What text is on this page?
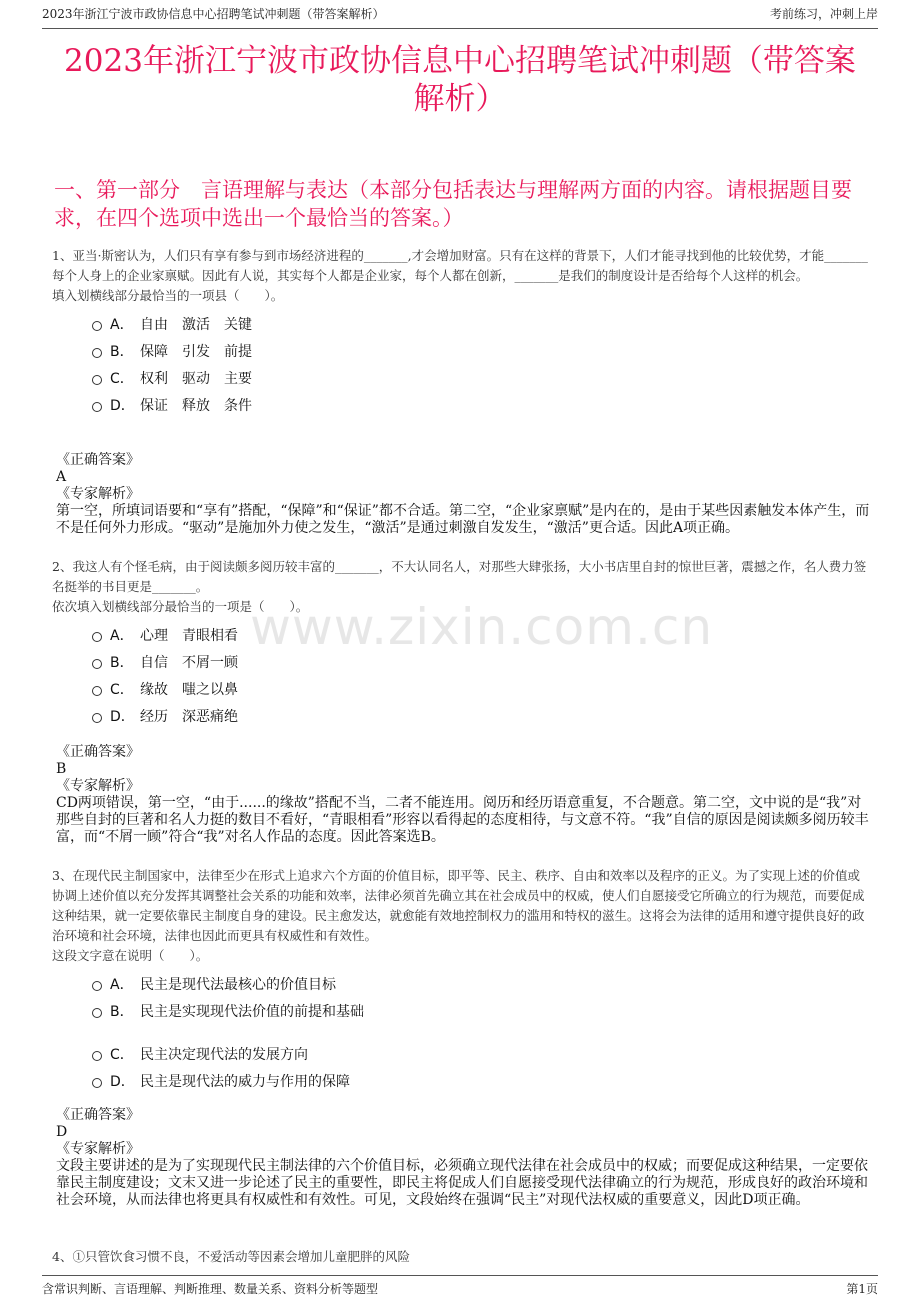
2023年浙江宁波市政协信息中心招聘笔试冲刺题（带答案解析）	考前练习，冲刺上岸
2023年浙江宁波市政协信息中心招聘笔试冲刺题（带答案解析）
一、第一部分　言语理解与表达（本部分包括表达与理解两方面的内容。请根据题目要求，在四个选项中选出一个最恰当的答案。）
www.zixin.com.cn
1、亚当·斯密认为，人们只有享有参与到市场经济进程的_______,才会增加财富。只有在这样的背景下，人们才能寻找到他的比较优势，才能_______每个人身上的企业家禀赋。因此有人说，其实每个人都是企业家，每个人都在创新，_______是我们的制度设计是否给每个人这样的机会。
填入划横线部分最恰当的一项县（　　）。
A． 自由　激活　关键
B． 保障　引发　前提
C． 权利　驱动　主要
D． 保证　释放　条件
《正确答案》
A
《专家解析》
第一空，所填词语要和“享有”搭配，“保障”和“保证”都不合适。第二空，“企业家禀赋”是内在的，是由于某些因素触发本体产生，而不是任何外力形成。“驱动”是施加外力使之发生，“激活”是通过刺激自发发生，“激活”更合适。因此A项正确。
2、我这人有个怪毛病，由于阅读颇多阅历较丰富的_______，不大认同名人，对那些大肆张扬，大小书店里自封的惊世巨著，震撼之作，名人费力签名挺举的书目更是_______。
依次填入划横线部分最恰当的一项是（　　）。
A． 心理　青眼相看
B． 自信　不屑一顾
C． 缘故　嗤之以鼻
D． 经历　深恶痛绝
《正确答案》
B
《专家解析》
CD两项错误，第一空，“由于......的缘故”搭配不当，二者不能连用。阅历和经历语意重复，不合题意。第二空，文中说的是“我”对那些自封的巨著和名人力挺的数目不看好，“青眼相看”形容以看得起的态度相待，与文意不符。“我”自信的原因是阅读颇多阅历较丰富，而“不屑一顾”符合“我”对名人作品的态度。因此答案选B。
3、在现代民主制国家中，法律至少在形式上追求六个方面的价值目标，即平等、民主、秩序、自由和效率以及程序的正义。为了实现上述的价值或协调上述价值以充分发挥其调整社会关系的功能和效率，法律必须首先确立其在社会成员中的权威，使人们自愿接受它所确立的行为规范，而要促成这种结果，就一定要依靠民主制度自身的建设。民主愈发达，就愈能有效地控制权力的滥用和特权的滋生。这将会为法律的适用和遵守提供良好的政治环境和社会环境，法律也因此而更具有权威性和有效性。
这段文字意在说明（　　）。
A． 民主是现代法最核心的价值目标
B． 民主是实现现代法价值的前提和基础
C． 民主决定现代法的发展方向
D． 民主是现代法的威力与作用的保障
《正确答案》
D
《专家解析》
文段主要讲述的是为了实现现代民主制法律的六个价值目标，必须确立现代法律在社会成员中的权威；而要促成这种结果，一定要依靠民主制度建设；文末又进一步论述了民主的重要性，即民主将促成人们自愿接受现代法律确立的行为规范，形成良好的政治环境和社会环境，从而法律也将更具有权威性和有效性。可见，文段始终在强调“民主”对现代法权威的重要意义，因此D项正确。
4、①只管饮食习惯不良，不爱活动等因素会增加儿童肥胖的风险
含常识判断、言语理解、判断推理、数量关系、资料分析等题型	第1页
